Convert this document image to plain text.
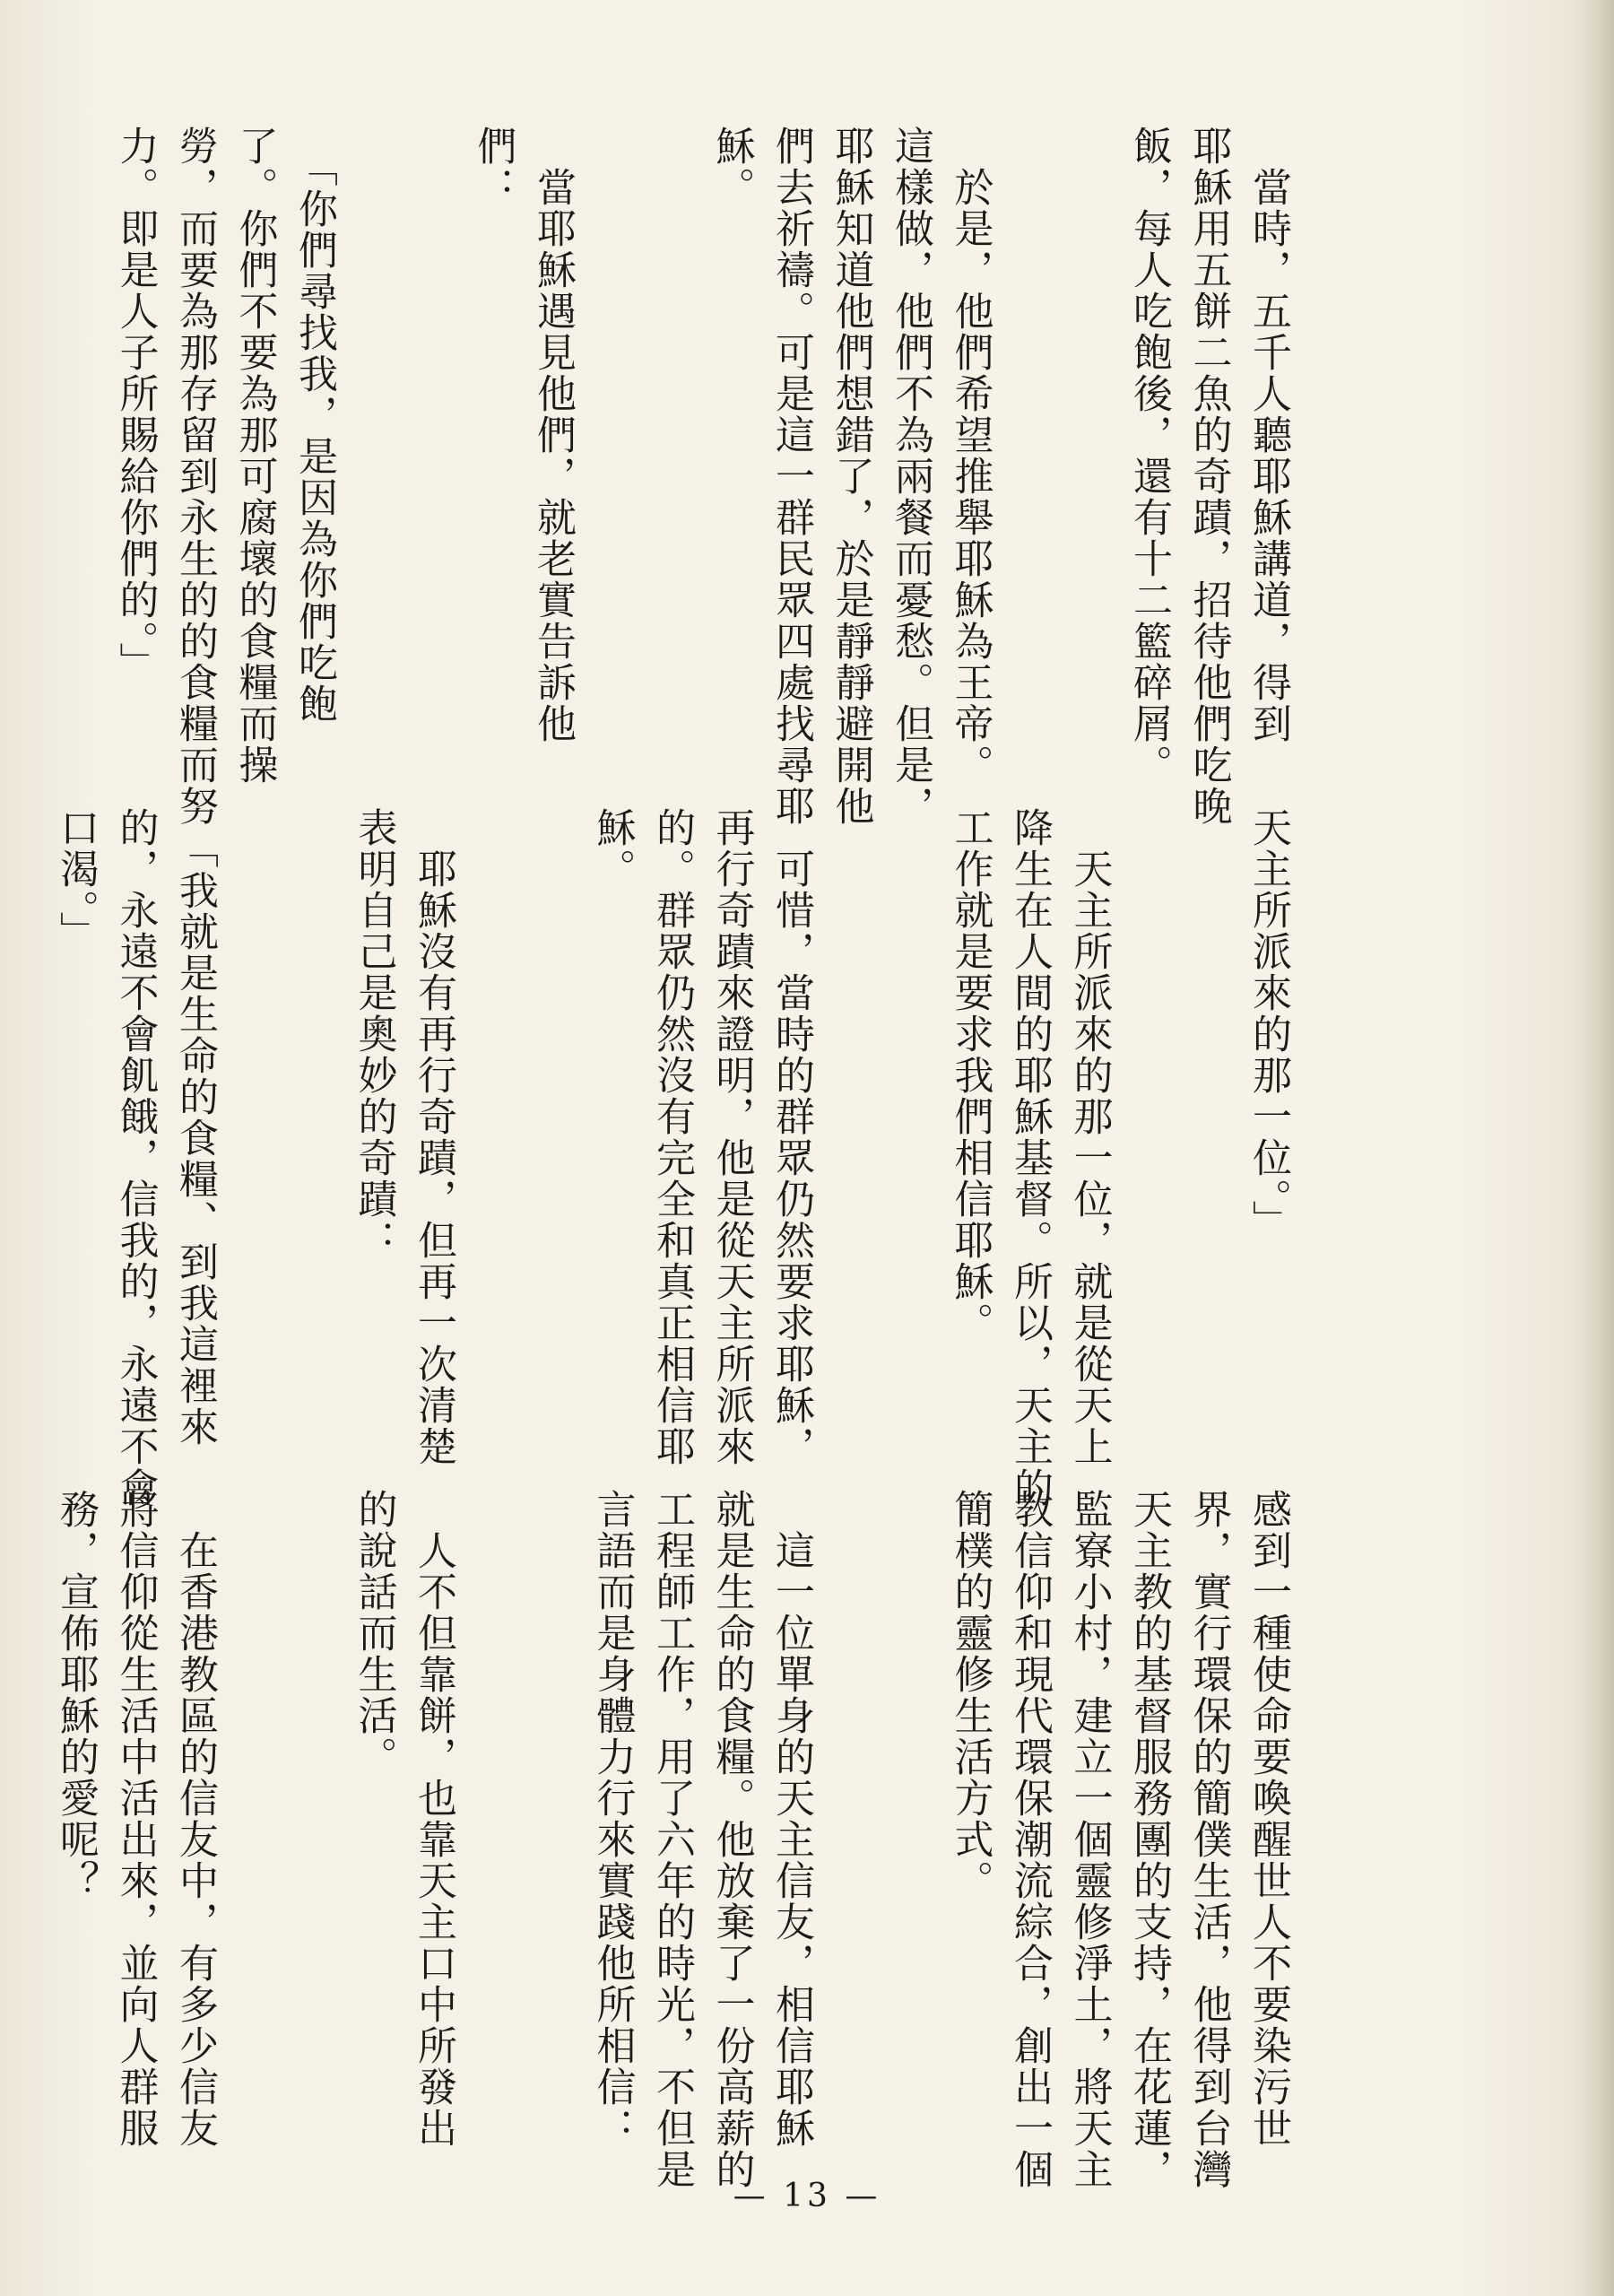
　當時，五千人聽耶穌講道，得到
耶穌用五餅二魚的奇蹟，招待他們吃晚
飯，每人吃飽後，還有十二籃碎屑。

　於是，他們希望推舉耶穌為王帝。
這樣做，他們不為兩餐而憂愁。但是，
耶穌知道他們想錯了，於是靜靜避開他
們去祈禱。可是這一群民眾四處找尋耶
穌。

　當耶穌遇見他們，就老實告訴他
們：

　「你們尋找我，是因為你們吃飽
了。你們不要為那可腐壞的食糧而操
勞，而要為那存留到永生的的食糧而努
力。即是人子所賜給你們的。」

天主所派來的那一位。」

　天主所派來的那一位，就是從天上
降生在人間的耶穌基督。所以，天主的
工作就是要求我們相信耶穌。

　可惜，當時的群眾仍然要求耶穌，
再行奇蹟來證明，他是從天主所派來
的。群眾仍然沒有完全和真正相信耶
穌。

　耶穌沒有再行奇蹟，但再一次清楚
表明自己是奧妙的奇蹟：

　「我就是生命的食糧、到我這裡來
的，永遠不會飢餓，信我的，永遠不會
口渴。」

感到一種使命要喚醒世人不要染污世
界，實行環保的簡僕生活，他得到台灣
天主教的基督服務團的支持，在花蓮，
監寮小村，建立一個靈修淨土，將天主
教信仰和現代環保潮流綜合，創出一個
簡樸的靈修生活方式。

　這一位單身的天主信友，相信耶穌
就是生命的食糧。他放棄了一份高薪的
工程師工作，用了六年的時光，不但是
言語而是身體力行來實踐他所相信：

　人不但靠餅，也靠天主口中所發出
的說話而生活。

　在香港教區的信友中，有多少信友
將信仰從生活中活出來，並向人群服
務，宣佈耶穌的愛呢？

— 13 —
